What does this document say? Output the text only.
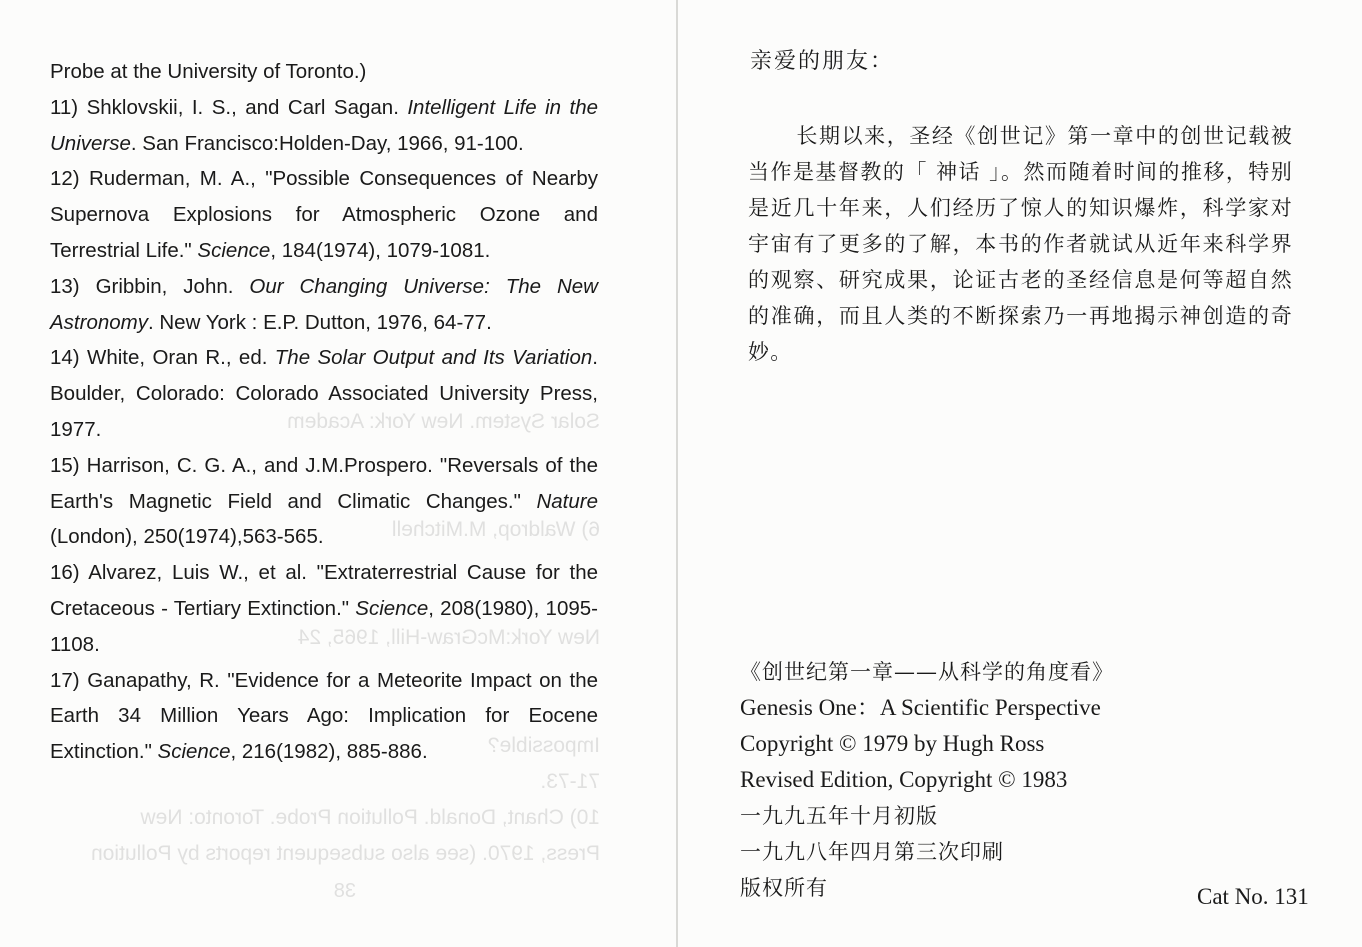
Solar System. New York: Academ
6) Waldrop, M.Mitchell
New York:McGraw-Hill, 1965, 24
Impossible?
71-73.
10) Chant, Donald. Pollution Probe. Toronto: New
Press, 1970. (see also subsequent reports by Pollution
38

Probe at the University of Toronto.)

11) Shklovskii, I. S., and Carl Sagan. Intelligent Life in the Universe. San Francisco:Holden-Day, 1966, 91-100.

12) Ruderman, M. A., "Possible Consequences of Nearby Supernova Explosions for Atmospheric Ozone and Terrestrial Life." Science, 184(1974), 1079-1081.

13) Gribbin, John. Our Changing Universe: The New Astronomy. New York : E.P. Dutton, 1976, 64-77.

14) White, Oran R., ed. The Solar Output and Its Variation. Boulder, Colorado: Colorado Associated University Press, 1977.

15) Harrison, C. G. A., and J.M.Prospero. "Reversals of the Earth's Magnetic Field and Climatic Changes." Nature (London), 250(1974),563-565.

16) Alvarez, Luis W., et al. "Extraterrestrial Cause for the Cretaceous - Tertiary Extinction." Science, 208(1980), 1095-1108.

17) Ganapathy, R. "Evidence for a Meteorite Impact on the Earth 34 Million Years Ago: Implication for Eocene Extinction." Science, 216(1982), 885-886.

亲爱的朋友：
长期以来，圣经《创世记》第一章中的创世记载被当作是基督教的「 神话 」。然而随着时间的推移，特别是近几十年来，人们经历了惊人的知识爆炸，科学家对宇宙有了更多的了解，本书的作者就试从近年来科学界的观察、研究成果，论证古老的圣经信息是何等超自然的准确，而且人类的不断探索乃一再地揭示神创造的奇妙。
《创世纪第一章——从科学的角度看》
Genesis One：A Scientific Perspective
Copyright © 1979 by Hugh Ross
Revised Edition, Copyright © 1983
一九九五年十月初版
一九九八年四月第三次印刷
版权所有	Cat No. 131
